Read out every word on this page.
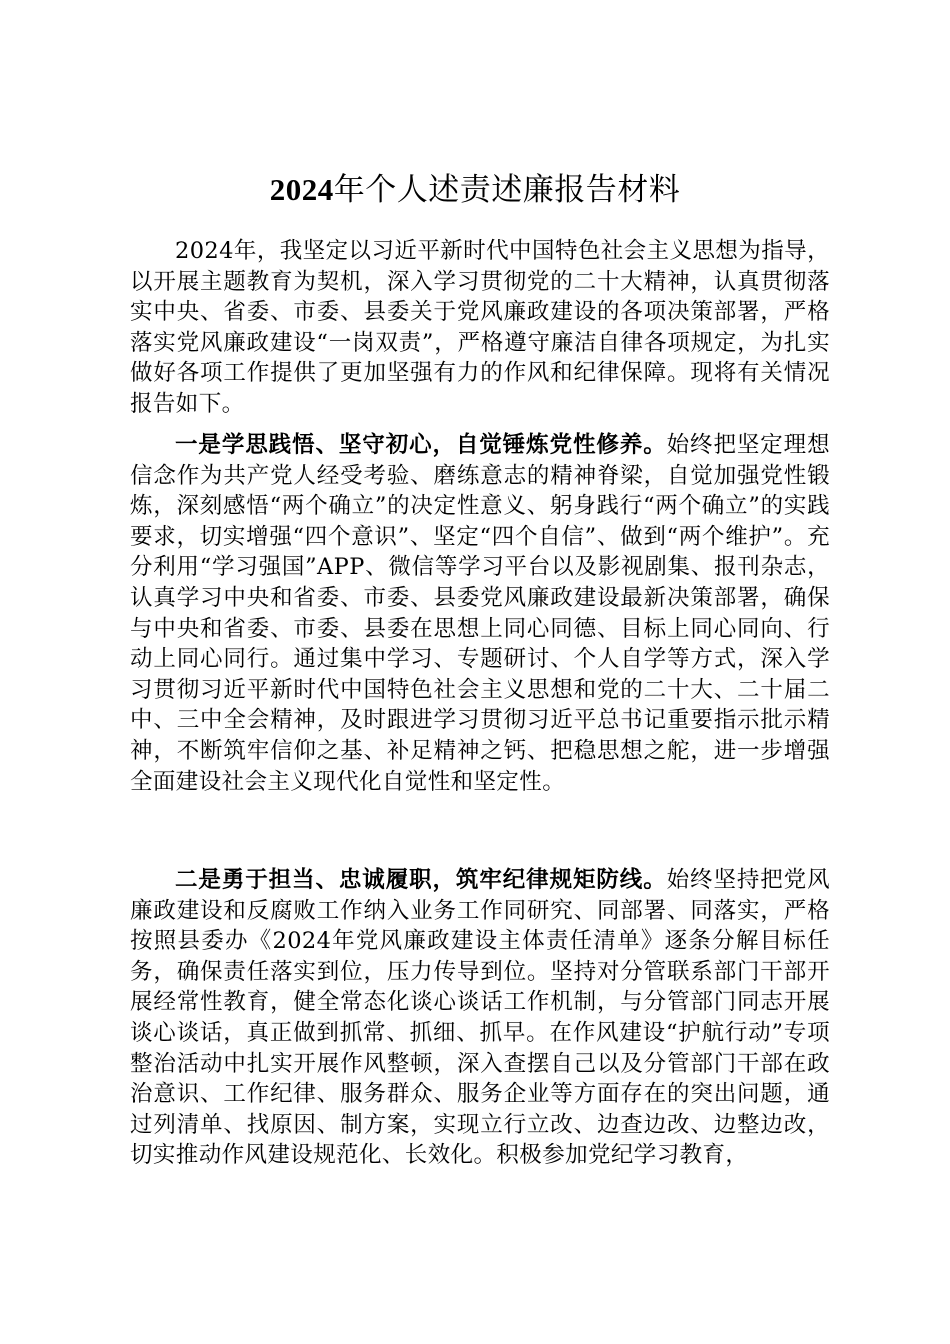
2024年个人述责述廉报告材料

2024年，我坚定以习近平新时代中国特色社会主义思想为指导，以开展主题教育为契机，深入学习贯彻党的二十大精神，认真贯彻落实中央、省委、市委、县委关于党风廉政建设的各项决策部署，严格落实党风廉政建设“一岗双责”，严格遵守廉洁自律各项规定，为扎实做好各项工作提供了更加坚强有力的作风和纪律保障。现将有关情况报告如下。

一是学思践悟、坚守初心，自觉锤炼党性修养。始终把坚定理想信念作为共产党人经受考验、磨练意志的精神脊梁，自觉加强党性锻炼，深刻感悟“两个确立”的决定性意义、躬身践行“两个确立”的实践要求，切实增强“四个意识”、坚定“四个自信”、做到“两个维护”。充分利用“学习强国”APP、微信等学习平台以及影视剧集、报刊杂志，认真学习中央和省委、市委、县委党风廉政建设最新决策部署，确保与中央和省委、市委、县委在思想上同心同德、目标上同心同向、行动上同心同行。通过集中学习、专题研讨、个人自学等方式，深入学习贯彻习近平新时代中国特色社会主义思想和党的二十大、二十届二中、三中全会精神，及时跟进学习贯彻习近平总书记重要指示批示精神，不断筑牢信仰之基、补足精神之钙、把稳思想之舵，进一步增强全面建设社会主义现代化自觉性和坚定性。

二是勇于担当、忠诚履职，筑牢纪律规矩防线。始终坚持把党风廉政建设和反腐败工作纳入业务工作同研究、同部署、同落实，严格按照县委办《2024年党风廉政建设主体责任清单》逐条分解目标任务，确保责任落实到位，压力传导到位。坚持对分管联系部门干部开展经常性教育，健全常态化谈心谈话工作机制，与分管部门同志开展谈心谈话，真正做到抓常、抓细、抓早。在作风建设“护航行动”专项整治活动中扎实开展作风整顿，深入查摆自己以及分管部门干部在政治意识、工作纪律、服务群众、服务企业等方面存在的突出问题，通过列清单、找原因、制方案，实现立行立改、边查边改、边整边改，切实推动作风建设规范化、长效化。积极参加党纪学习教育，
